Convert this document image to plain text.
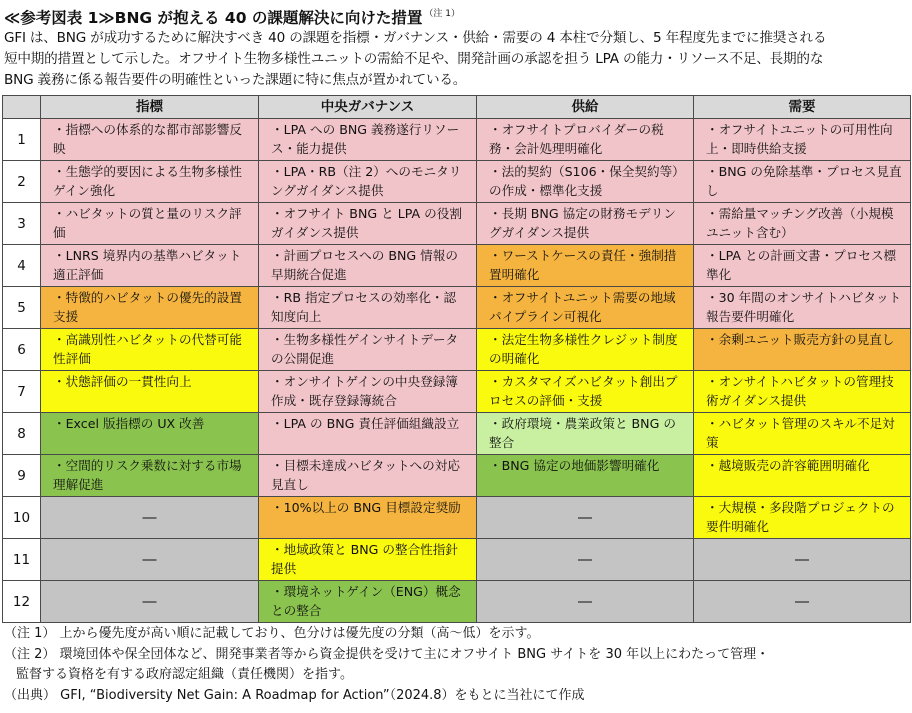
≪参考図表 1≫BNG が抱える 40 の課題解決に向けた措置 $^{(注 1)}$
GFI は、BNG が成功するために解決すべき 40 の課題を指標・ガバナンス・供給・需要の 4 本柱で分類し、5 年程度先までに推奨される
短中期的措置として示した。オフサイト生物多様性ユニットの需給不足や、開発計画の承認を担う LPA の能力・リソース不足、長期的な
BNG 義務に係る報告要件の明確性といった課題に特に焦点が置かれている。
	指標	中央ガバナンス	供給	需要
1	・指標への体系的な都市部影響反映	・LPA への BNG 義務遂行リソース・能力提供	・オフサイトプロバイダーの税務・会計処理明確化	・オフサイトユニットの可用性向上・即時供給支援
2	・生態学的要因による生物多様性ゲイン強化	・LPA・RB（注 2）へのモニタリングガイダンス提供	・法的契約（S106・保全契約等）の作成・標準化支援	・BNG の免除基準・プロセス見直し
3	・ハビタットの質と量のリスク評価	・オフサイト BNG と LPA の役割ガイダンス提供	・長期 BNG 協定の財務モデリングガイダンス提供	・需給量マッチング改善（小規模ユニット含む）
4	・LNRS 境界内の基準ハビタット適正評価	・計画プロセスへの BNG 情報の早期統合促進	・ワーストケースの責任・強制措置明確化	・LPA との計画文書・プロセス標準化
5	・特徴的ハビタットの優先的設置支援	・RB 指定プロセスの効率化・認知度向上	・オフサイトユニット需要の地域パイプライン可視化	・30 年間のオンサイトハビタット報告要件明確化
6	・高識別性ハビタットの代替可能性評価	・生物多様性ゲインサイトデータの公開促進	・法定生物多様性クレジット制度の明確化	・余剰ユニット販売方針の見直し
7	・状態評価の一貫性向上	・オンサイトゲインの中央登録簿作成・既存登録簿統合	・カスタマイズハビタット創出プロセスの評価・支援	・オンサイトハビタットの管理技術ガイダンス提供
8	・Excel 版指標の UX 改善	・LPA の BNG 責任評価組織設立	・政府環境・農業政策と BNG の整合	・ハビタット管理のスキル不足対策
9	・空間的リスク乗数に対する市場理解促進	・目標未達成ハビタットへの対応見直し	・BNG 協定の地価影響明確化	・越境販売の許容範囲明確化
10	―	・10%以上の BNG 目標設定奨励	―	・大規模・多段階プロジェクトの要件明確化
11	―	・地域政策と BNG の整合性指針提供	―	―
12	―	・環境ネットゲイン（ENG）概念との整合	―	―
（注 1） 上から優先度が高い順に記載しており、色分けは優先度の分類（高～低）を示す。
（注 2） 環境団体や保全団体など、開発事業者等から資金提供を受けて主にオフサイト BNG サイトを 30 年以上にわたって管理・
監督する資格を有する政府認定組織（責任機関）を指す。
（出典） GFI, “Biodiversity Net Gain: A Roadmap for Action”（2024.8）をもとに当社にて作成
